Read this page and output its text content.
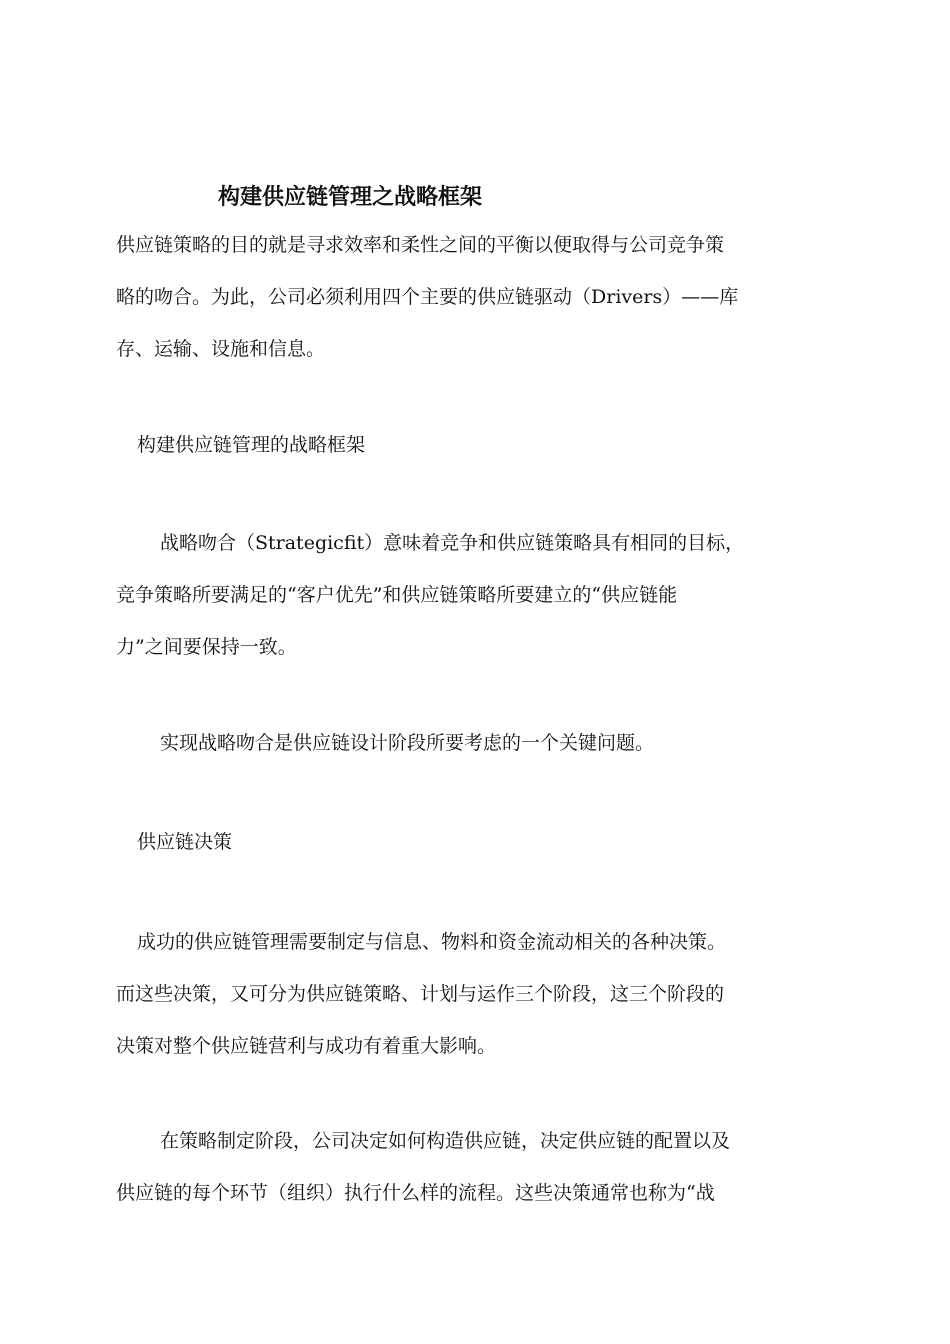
构建供应链管理之战略框架
供应链策略的目的就是寻求效率和柔性之间的平衡以便取得与公司竞争策
略的吻合。为此，公司必须利用四个主要的供应链驱动（Drivers）——库
存、运输、设施和信息。
构建供应链管理的战略框架
战略吻合（Strategicfit）意味着竞争和供应链策略具有相同的目标，
竞争策略所要满足的“客户优先”和供应链策略所要建立的“供应链能
力”之间要保持一致。
实现战略吻合是供应链设计阶段所要考虑的一个关键问题。
供应链决策
成功的供应链管理需要制定与信息、物料和资金流动相关的各种决策。
而这些决策，又可分为供应链策略、计划与运作三个阶段，这三个阶段的
决策对整个供应链营利与成功有着重大影响。
在策略制定阶段，公司决定如何构造供应链，决定供应链的配置以及
供应链的每个环节（组织）执行什么样的流程。这些决策通常也称为“战
